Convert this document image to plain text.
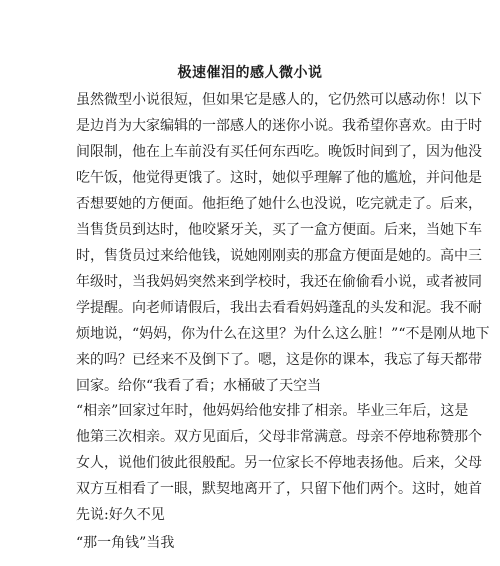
极速催泪的感人微小说
虽然微型小说很短，但如果它是感人的，它仍然可以感动你！以下
是边肖为大家编辑的一部感人的迷你小说。我希望你喜欢。由于时
间限制，他在上车前没有买任何东西吃。晚饭时间到了，因为他没
吃午饭，他觉得更饿了。这时，她似乎理解了他的尴尬，并问他是
否想要她的方便面。他拒绝了她什么也没说，吃完就走了。后来，
当售货员到达时，他咬紧牙关，买了一盒方便面。后来，当她下车
时，售货员过来给他钱，说她刚刚卖的那盒方便面是她的。高中三
年级时，当我妈妈突然来到学校时，我还在偷偷看小说，或者被同
学提醒。向老师请假后，我出去看看妈妈蓬乱的头发和泥。我不耐
烦地说，“妈妈，你为什么在这里？为什么这么脏！”“不是刚从地下
来的吗？已经来不及倒下了。嗯，这是你的课本，我忘了每天都带
回家。给你“我看了看；水桶破了天空当
“相亲”回家过年时，他妈妈给他安排了相亲。毕业三年后，这是
他第三次相亲。双方见面后，父母非常满意。母亲不停地称赞那个
女人，说他们彼此很般配。另一位家长不停地表扬他。后来，父母
双方互相看了一眼，默契地离开了，只留下他们两个。这时，她首
先说:好久不见
“那一角钱”当我
